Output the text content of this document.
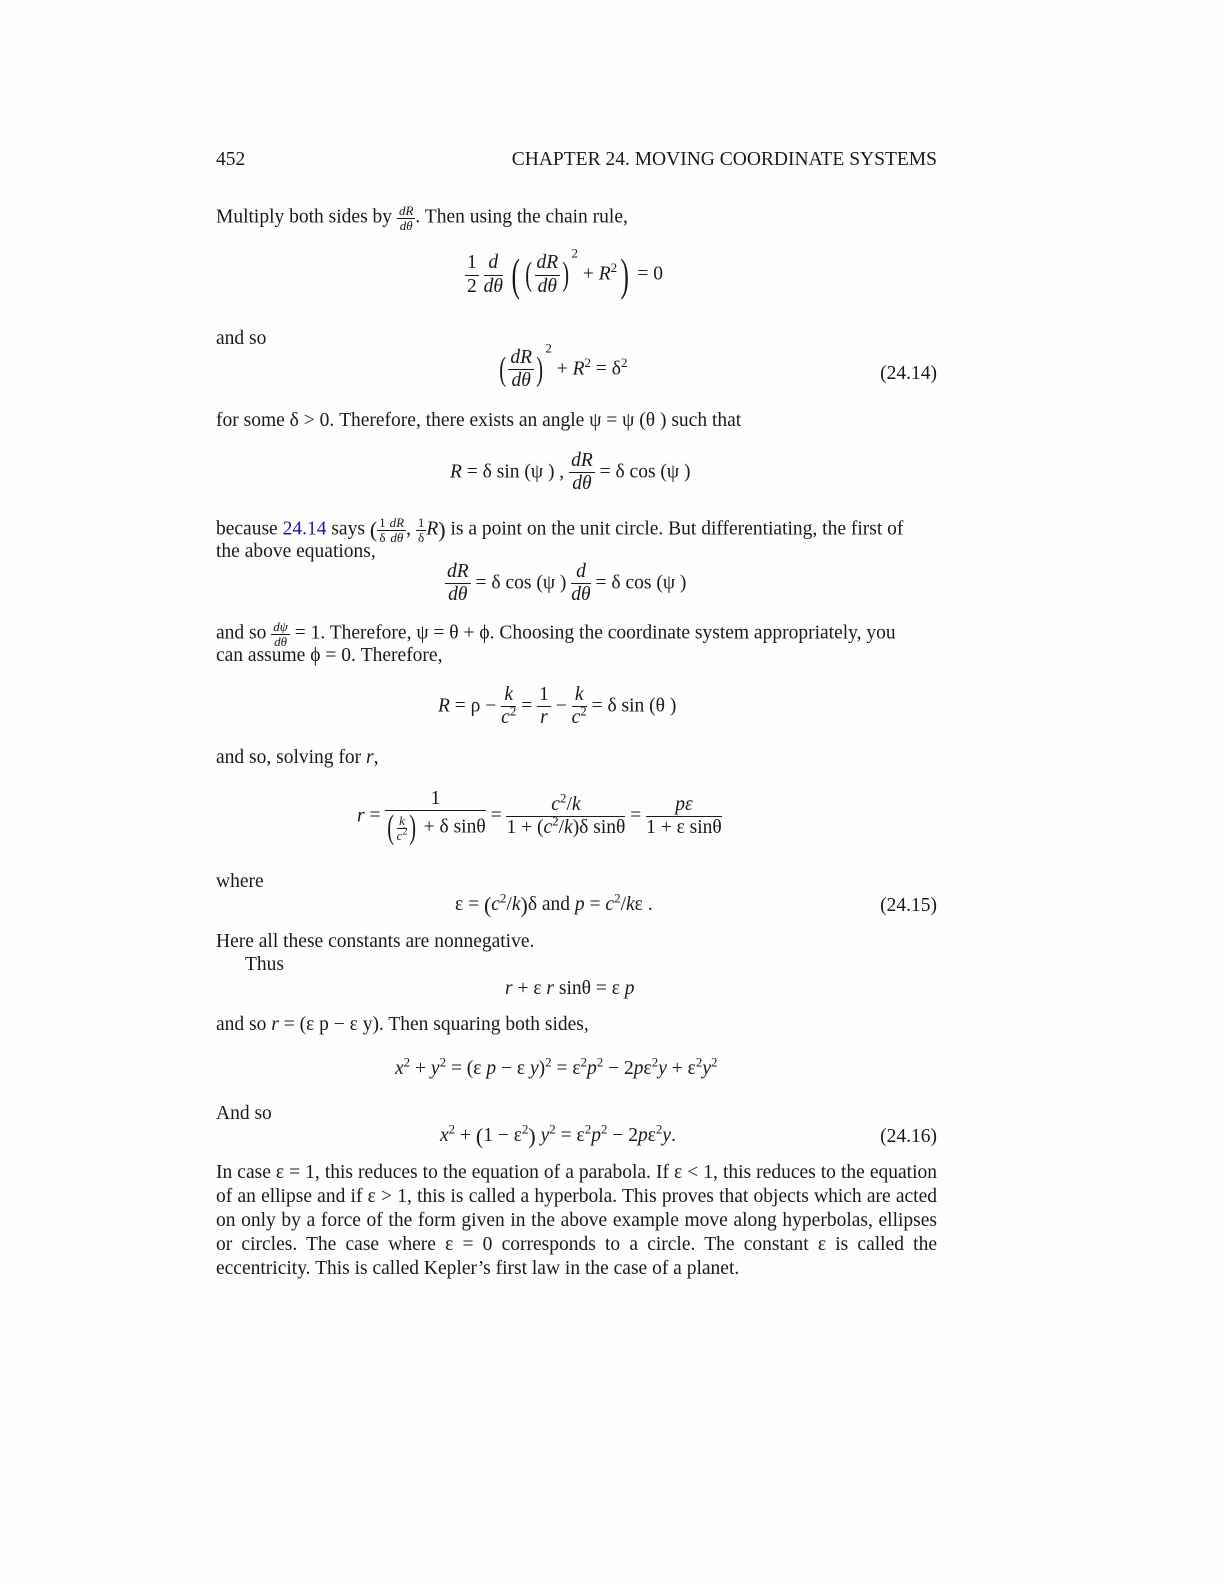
452	CHAPTER 24. MOVING COORDINATE SYSTEMS
Multiply both sides by $\frac{dR}{d\theta}$ . Then using the chain rule,
$\frac{1}{2}$
$\frac{d}{d\theta}$ ( ( $\frac{dR}{d\theta} )^2 + R^2) = 0$
and so
( $\frac{dR}{d\theta} )^2 + R^2 = \delta^2$
(24.14)
for some δ > 0. Therefore, there exists an angle ψ = ψ (θ ) such that
R = δ sin (ψ ) , $\frac{dR}{d\theta} = \delta$ cos (ψ )
because 24.14 says ( $\frac{1}{\delta} \frac{dR}{d\theta}$ , $\frac{1}{\delta} R$) is a point on the unit circle. But differentiating, the first of
the above equations,
$\frac{dR}{d\theta} = \delta$ cos (ψ ) $\frac{d}{d\theta} = \delta$ cos (ψ )
and so $\frac{d\psi}{d\theta} = 1$. Therefore, ψ = θ + ϕ. Choosing the coordinate system appropriately, you
can assume ϕ = 0. Therefore,
$R = \rho - \frac{k}{c^2} = \frac{1}{r} - \frac{k}{c^2} = \delta$ sin (θ )
and so, solving for r,
$r = \frac{1}{( \frac{k}{c^2} ) + \delta \sin\theta} = \frac{c^2/k}{1 + (c^2/k)\delta \sin\theta} = \frac{p\varepsilon}{\text{1 + ε sinθ}}$
where
$\varepsilon = (c^2/k)\delta$ and $p = c^2/k\varepsilon$ .	(24.15)
Here all these constants are nonnegative.
Thus
r + ε r sinθ = ε p
and so r = (ε p − ε y). Then squaring both sides,
$x^2 + y^2 = (\varepsilon$ p − ε $y)^2 = \varepsilon^2p^2 - 2p\varepsilon^2y + \varepsilon^2y^2$
And so
$x^2 + (1 - \varepsilon^2) y^2 = \varepsilon^2p^2 - 2p\varepsilon^2y$.	(24.16)
In case ε = 1, this reduces to the equation of a parabola. If ε < 1, this reduces to the equation of an ellipse and if ε > 1, this is called a hyperbola. This proves that objects which are acted on only by a force of the form given in the above example move along hyperbolas, ellipses or circles. The case where ε = 0 corresponds to a circle. The constant ε is called the eccentricity. This is called Kepler’s first law in the case of a planet.
